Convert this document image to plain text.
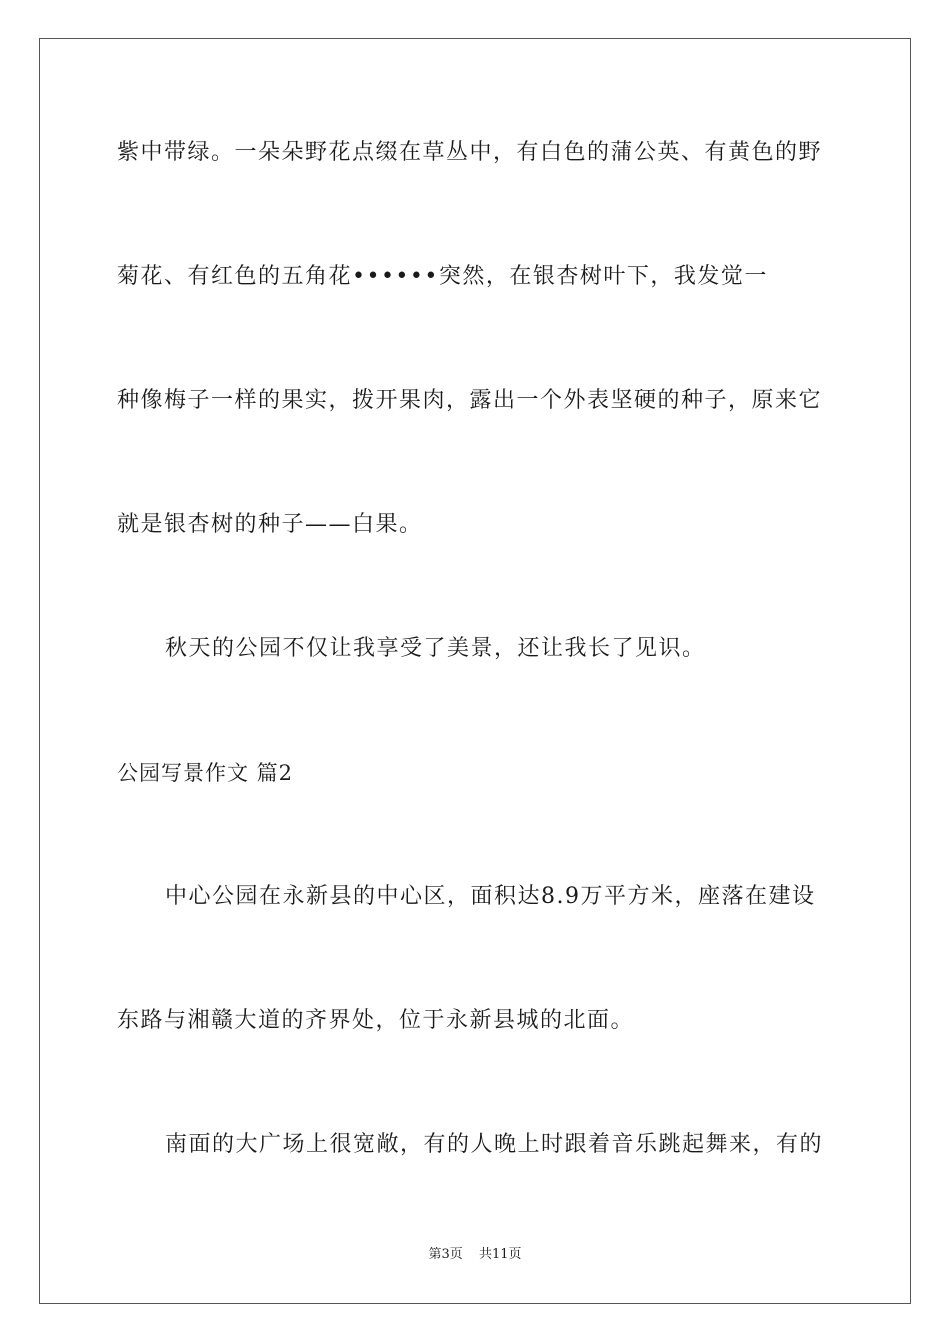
紫中带绿。一朵朵野花点缀在草丛中，有白色的蒲公英、有黄色的野
菊花、有红色的五角花••••••突然，在银杏树叶下，我发觉一
种像梅子一样的果实，拨开果肉，露出一个外表坚硬的种子，原来它
就是银杏树的种子——白果。
秋天的公园不仅让我享受了美景，还让我长了见识。
公园写景作文 篇2
中心公园在永新县的中心区，面积达8.9万平方米，座落在建设
东路与湘赣大道的齐界处，位于永新县城的北面。
南面的大广场上很宽敞，有的人晚上时跟着音乐跳起舞来，有的
第3页 共11页
